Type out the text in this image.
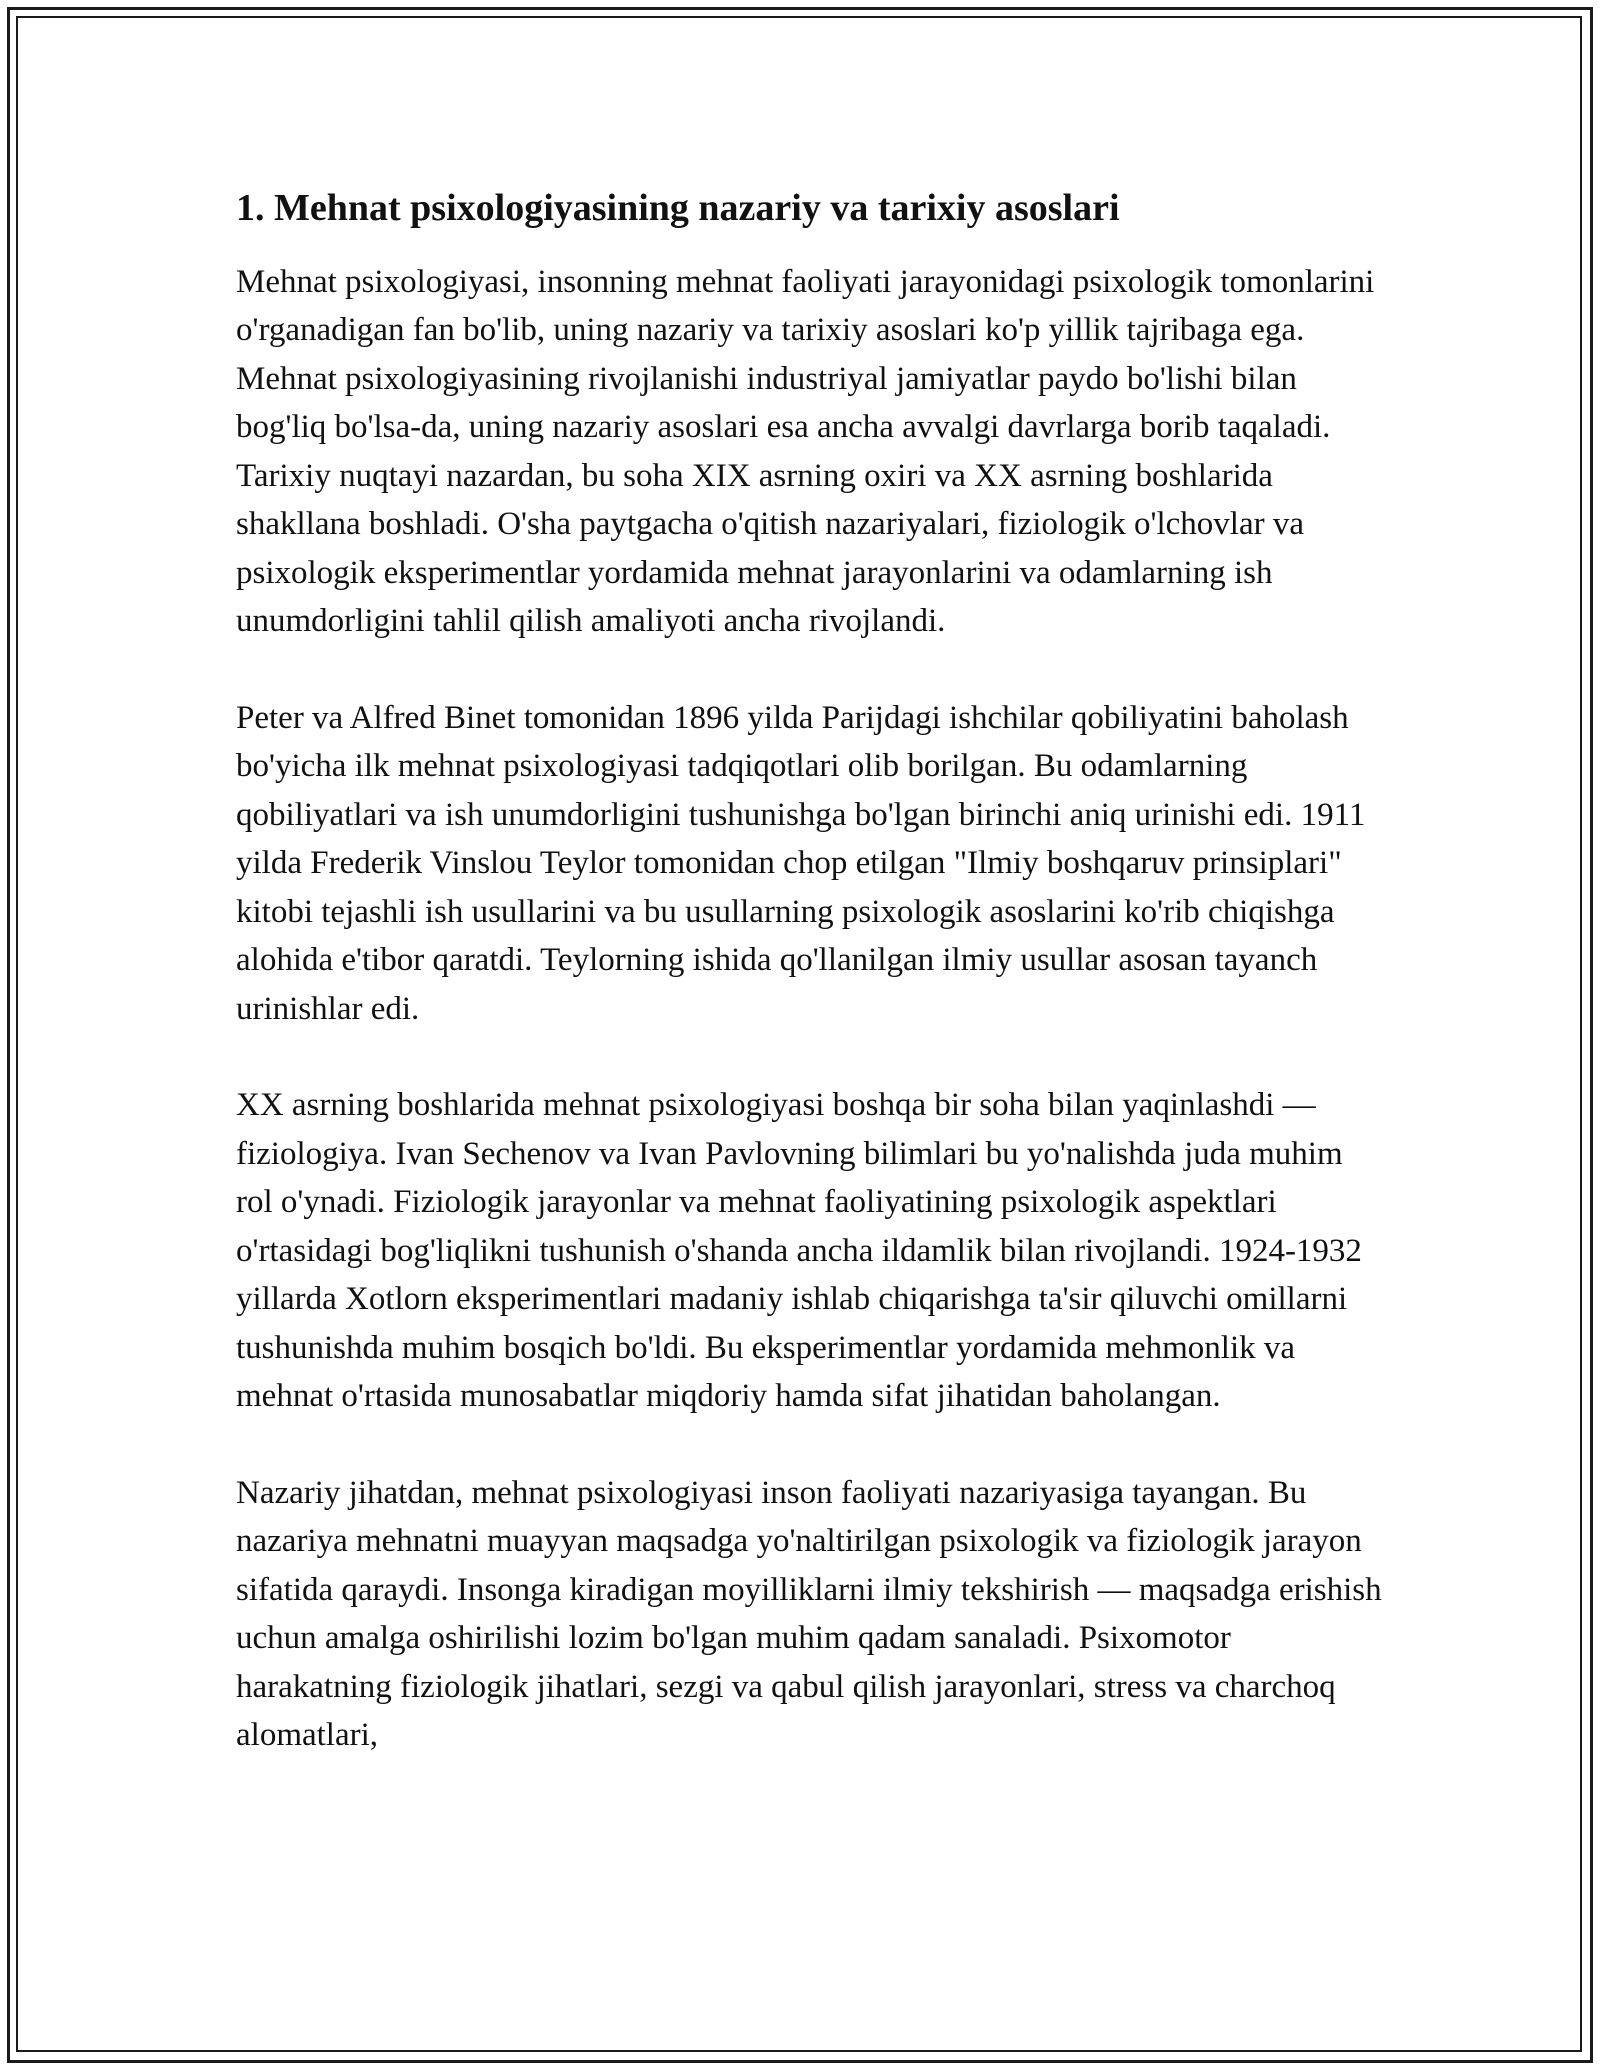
1. Mehnat psixologiyasining nazariy va tarixiy asoslari

Mehnat psixologiyasi, insonning mehnat faoliyati jarayonidagi psixologik tomonlarini o'rganadigan fan bo'lib, uning nazariy va tarixiy asoslari ko'p yillik tajribaga ega. Mehnat psixologiyasining rivojlanishi industriyal jamiyatlar paydo bo'lishi bilan bog'liq bo'lsa-da, uning nazariy asoslari esa ancha avvalgi davrlarga borib taqaladi. Tarixiy nuqtayi nazardan, bu soha XIX asrning oxiri va XX asrning boshlarida shakllana boshladi. O'sha paytgacha o'qitish nazariyalari, fiziologik o'lchovlar va psixologik eksperimentlar yordamida mehnat jarayonlarini va odamlarning ish unumdorligini tahlil qilish amaliyoti ancha rivojlandi.

Peter va Alfred Binet tomonidan 1896 yilda Parijdagi ishchilar qobiliyatini baholash bo'yicha ilk mehnat psixologiyasi tadqiqotlari olib borilgan. Bu odamlarning qobiliyatlari va ish unumdorligini tushunishga bo'lgan birinchi aniq urinishi edi. 1911 yilda Frederik Vinslou Teylor tomonidan chop etilgan "Ilmiy boshqaruv prinsiplari" kitobi tejashli ish usullarini va bu usullarning psixologik asoslarini ko'rib chiqishga alohida e'tibor qaratdi. Teylorning ishida qo'llanilgan ilmiy usullar asosan tayanch urinishlar edi.

XX asrning boshlarida mehnat psixologiyasi boshqa bir soha bilan yaqinlashdi — fiziologiya. Ivan Sechenov va Ivan Pavlovning bilimlari bu yo'nalishda juda muhim rol o'ynadi. Fiziologik jarayonlar va mehnat faoliyatining psixologik aspektlari o'rtasidagi bog'liqlikni tushunish o'shanda ancha ildamlik bilan rivojlandi. 1924-1932 yillarda Xotlorn eksperimentlari madaniy ishlab chiqarishga ta'sir qiluvchi omillarni tushunishda muhim bosqich bo'ldi. Bu eksperimentlar yordamida mehmonlik va mehnat o'rtasida munosabatlar miqdoriy hamda sifat jihatidan baholangan.

Nazariy jihatdan, mehnat psixologiyasi inson faoliyati nazariyasiga tayangan. Bu nazariya mehnatni muayyan maqsadga yo'naltirilgan psixologik va fiziologik jarayon sifatida qaraydi. Insonga kiradigan moyilliklarni ilmiy tekshirish — maqsadga erishish uchun amalga oshirilishi lozim bo'lgan muhim qadam sanaladi. Psixomotor harakatning fiziologik jihatlari, sezgi va qabul qilish jarayonlari, stress va charchoq alomatlari,
